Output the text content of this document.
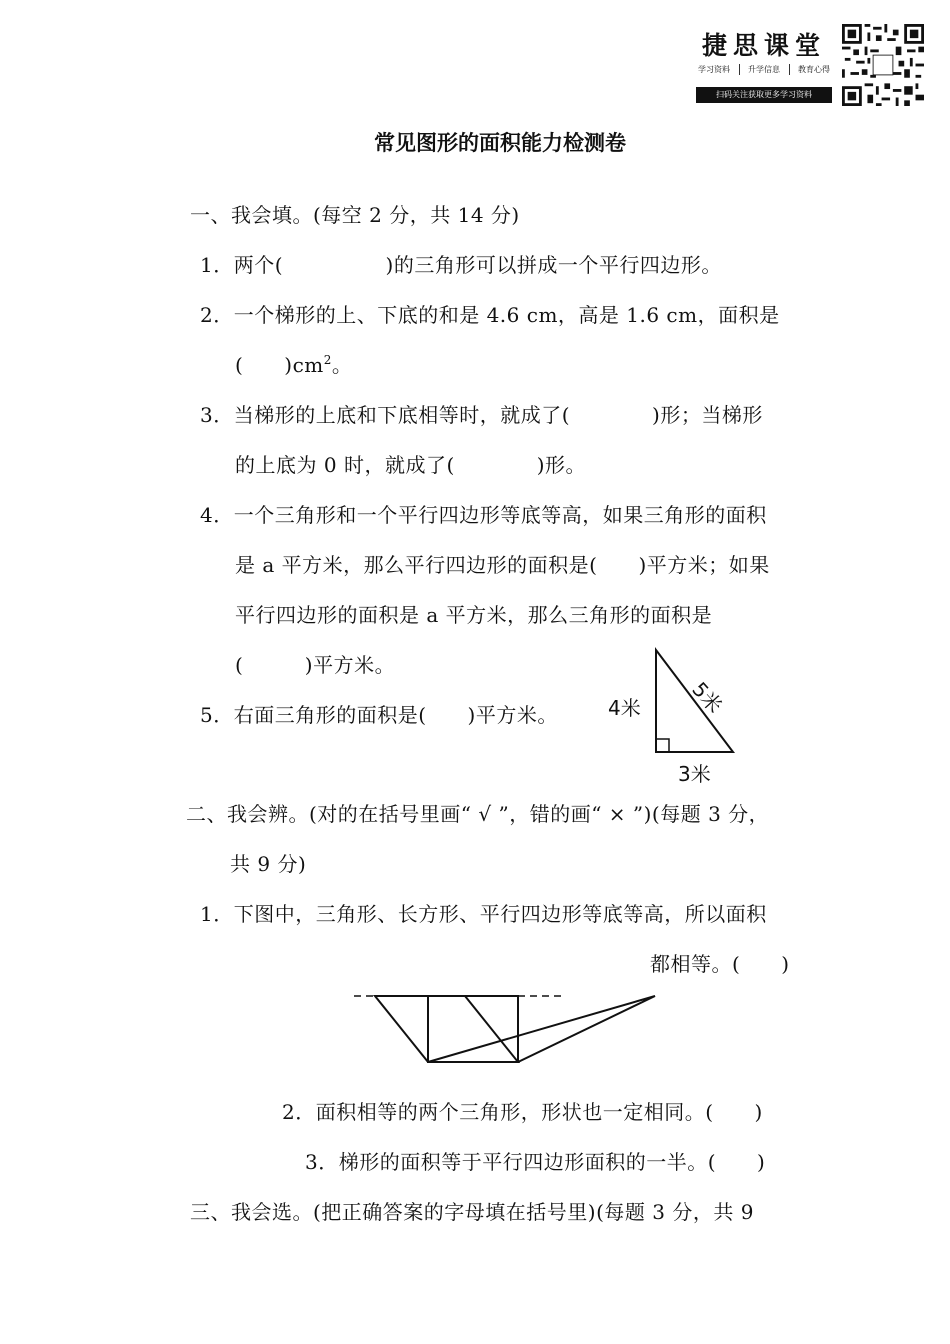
捷思课堂
学习资料 升学信息 教育心得
扫码关注获取更多学习资料
常见图形的面积能力检测卷
一、我会填。(每空 2 分，共 14 分)
1．两个(　　　　　)的三角形可以拼成一个平行四边形。
2．一个梯形的上、下底的和是 4.6 cm，高是 1.6 cm，面积是
(　　)$cm^2$。
3．当梯形的上底和下底相等时，就成了(　　　　)形；当梯形
的上底为 0 时，就成了(　　　　)形。
4．一个三角形和一个平行四边形等底等高，如果三角形的面积
是 a 平方米，那么平行四边形的面积是(　　)平方米；如果
平行四边形的面积是 a 平方米，那么三角形的面积是
(　　　)平方米。
5．右面三角形的面积是(　　)平方米。	4米 5米
3米
二、我会辨。(对的在括号里画“ √ ”，错的画“ × ”)(每题 3 分，
共 9 分)
1．下图中，三角形、长方形、平行四边形等底等高，所以面积
都相等。(　　)
2．面积相等的两个三角形，形状也一定相同。(　　)
3．梯形的面积等于平行四边形面积的一半。(　　)
三、我会选。(把正确答案的字母填在括号里)(每题 3 分，共 9
